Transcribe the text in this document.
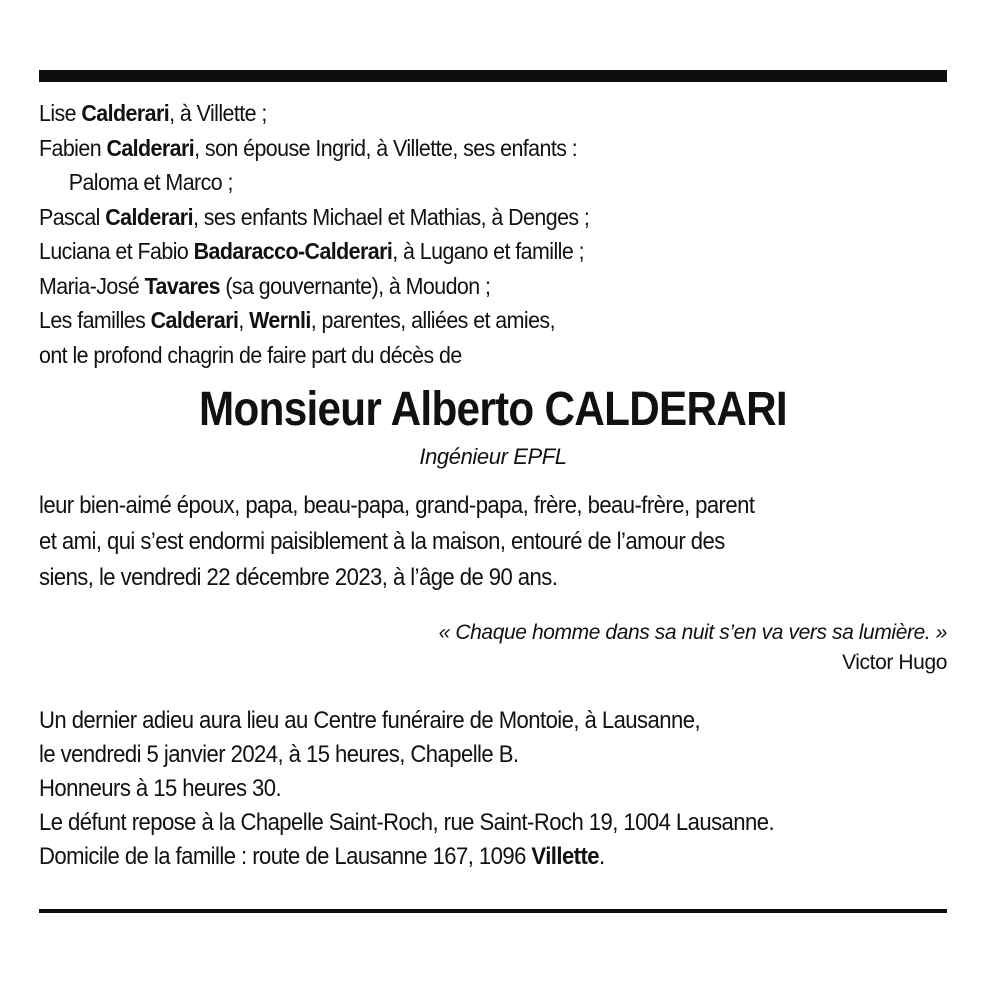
Lise Calderari, à Villette ;
Fabien Calderari, son épouse Ingrid, à Villette, ses enfants :
Paloma et Marco ;
Pascal Calderari, ses enfants Michael et Mathias, à Denges ;
Luciana et Fabio Badaracco-Calderari, à Lugano et famille ;
Maria-José Tavares (sa gouvernante), à Moudon ;
Les familles Calderari, Wernli, parentes, alliées et amies,
ont le profond chagrin de faire part du décès de
Monsieur Alberto CALDERARI
Ingénieur EPFL
leur bien-aimé époux, papa, beau-papa, grand-papa, frère, beau-frère, parent
et ami, qui s’est endormi paisiblement à la maison, entouré de l’amour des
siens, le vendredi 22 décembre 2023, à l’âge de 90 ans.
« Chaque homme dans sa nuit s’en va vers sa lumière. »
Victor Hugo
Un dernier adieu aura lieu au Centre funéraire de Montoie, à Lausanne,
le vendredi 5 janvier 2024, à 15 heures, Chapelle B.
Honneurs à 15 heures 30.
Le défunt repose à la Chapelle Saint-Roch, rue Saint-Roch 19, 1004 Lausanne.
Domicile de la famille : route de Lausanne 167, 1096 Villette.
